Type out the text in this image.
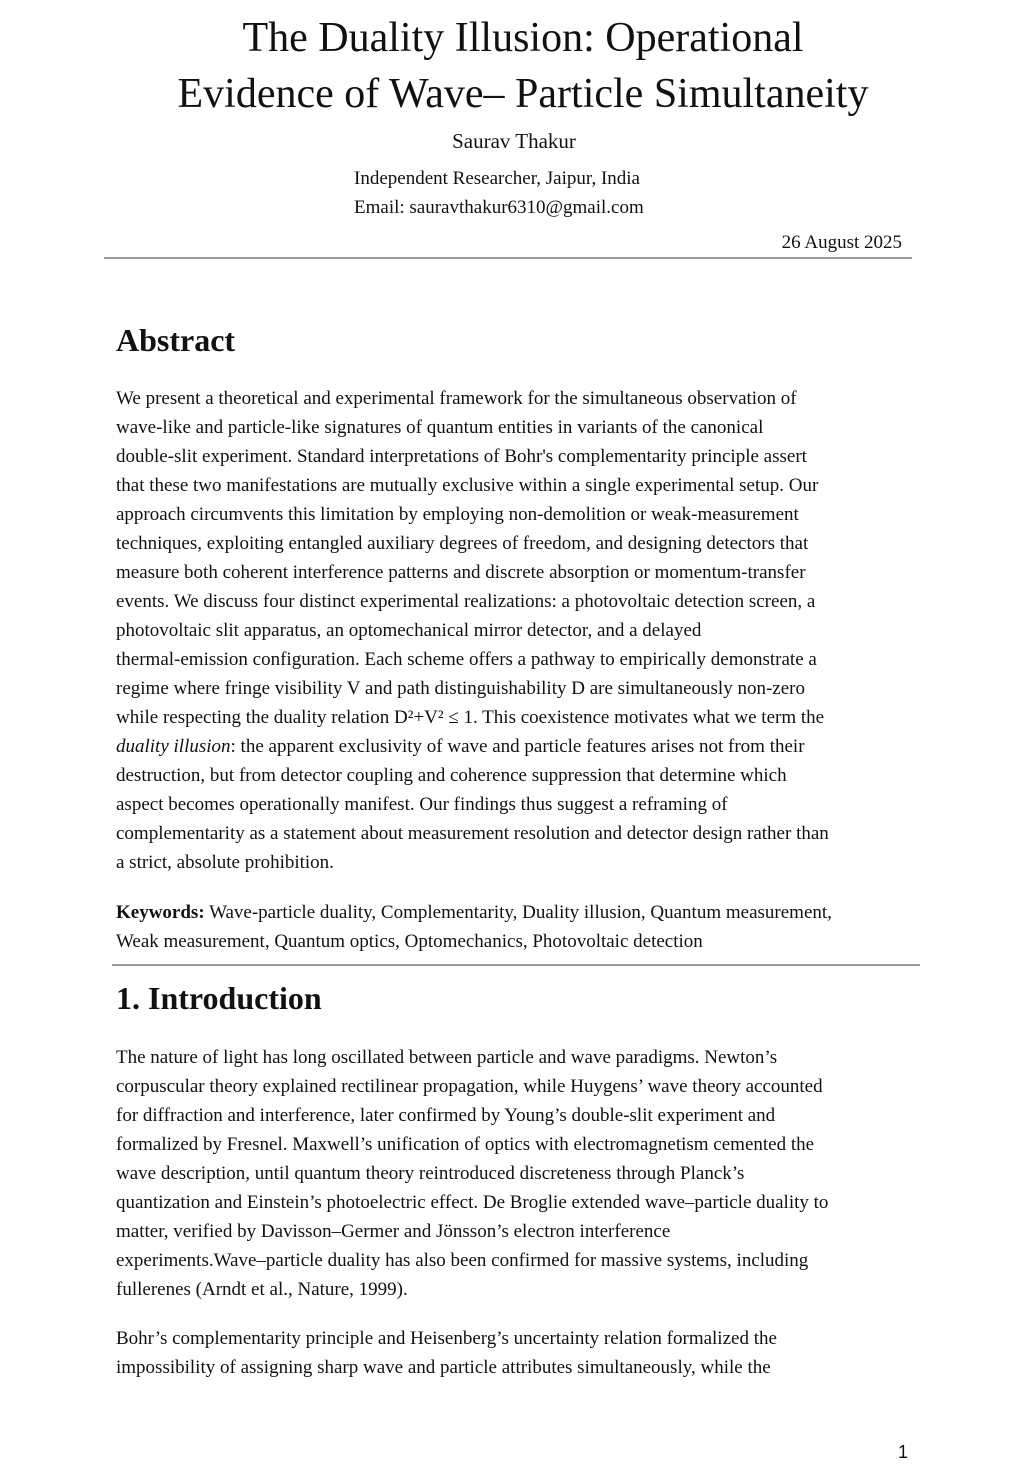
The Duality Illusion: Operational
Evidence of Wave– Particle Simultaneity
Saurav Thakur
Independent Researcher, Jaipur, India
Email: sauravthakur6310@gmail.com
26 August 2025
Abstract

We present a theoretical and experimental framework for the simultaneous observation of
wave-like and particle-like signatures of quantum entities in variants of the canonical
double-slit experiment. Standard interpretations of Bohr's complementarity principle assert
that these two manifestations are mutually exclusive within a single experimental setup. Our
approach circumvents this limitation by employing non-demolition or weak-measurement
techniques, exploiting entangled auxiliary degrees of freedom, and designing detectors that
measure both coherent interference patterns and discrete absorption or momentum-transfer
events. We discuss four distinct experimental realizations: a photovoltaic detection screen, a
photovoltaic slit apparatus, an optomechanical mirror detector, and a delayed
thermal-emission configuration. Each scheme offers a pathway to empirically demonstrate a
regime where fringe visibility V and path distinguishability D are simultaneously non-zero
while respecting the duality relation D²+V² ≤ 1. This coexistence motivates what we term the
duality illusion: the apparent exclusivity of wave and particle features arises not from their
destruction, but from detector coupling and coherence suppression that determine which
aspect becomes operationally manifest. Our findings thus suggest a reframing of
complementarity as a statement about measurement resolution and detector design rather than
a strict, absolute prohibition.

Keywords: Wave-particle duality, Complementarity, Duality illusion, Quantum measurement,
Weak measurement, Quantum optics, Optomechanics, Photovoltaic detection

1. Introduction

The nature of light has long oscillated between particle and wave paradigms. Newton’s
corpuscular theory explained rectilinear propagation, while Huygens’ wave theory accounted
for diffraction and interference, later confirmed by Young’s double-slit experiment and
formalized by Fresnel. Maxwell’s unification of optics with electromagnetism cemented the
wave description, until quantum theory reintroduced discreteness through Planck’s
quantization and Einstein’s photoelectric effect. De Broglie extended wave–particle duality to
matter, verified by Davisson–Germer and Jönsson’s electron interference
experiments.Wave–particle duality has also been confirmed for massive systems, including
fullerenes (Arndt et al., Nature, 1999).

Bohr’s complementarity principle and Heisenberg’s uncertainty relation formalized the
impossibility of assigning sharp wave and particle attributes simultaneously, while the

1
